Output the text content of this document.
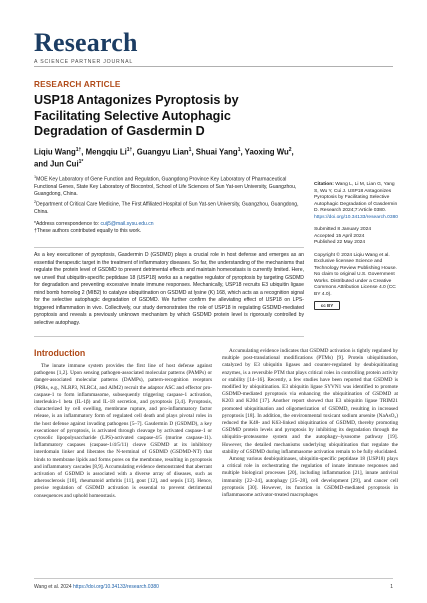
Research
A SCIENCE PARTNER JOURNAL
RESEARCH ARTICLE
USP18 Antagonizes Pyroptosis by Facilitating Selective Autophagic Degradation of Gasdermin D
Liqiu Wang$^{1\dagger}$, Mengqiu $Li^{1\dagger}$, Guangyu Lian$^1$, Shuai Yang$^1$, Yaoxing Wu$^2$, and Jun Cui$^{1*}$

$^1$MOE Key Laboratory of Gene Function and Regulation, Guangdong Province Key Laboratory of Pharmaceutical Functional Genes, State Key Laboratory of Biocontrol, School of Life Sciences of Sun Yat-sen University, Guangzhou, Guangdong, China.

$^2$Department of Critical Care Medicine, The First Affiliated Hospital of Sun Yat-sen University, Guangzhou, Guangdong, China.

*Address correspondence to: cuij5@mail.sysu.edu.cn
†These authors contributed equally to this work.
Citation: Wang L, Li M, Lian G, Yang S, Wu Y, Cui J. USP18 Antagonizes Pyroptosis by Facilitating Selective Autophagic Degradation of Gasdermin D. Research 2024;7:Article 0380. https://doi.org/10.34133/research.0380
Submitted 8 January 2024
Accepted 15 April 2024
Published 22 May 2024
Copyright © 2024 Liqiu Wang et al. Exclusive licensee Science and Technology Review Publishing House. No claim to original U.S. Government Works. Distributed under a Creative Commons Attribution License 4.0 (CC BY 4.0).
cc BY
As a key executioner of pyroptosis, Gasdermin D (GSDMD) plays a crucial role in host defense and emerges as an essential therapeutic target in the treatment of inflammatory diseases. So far, the understanding of the mechanisms that regulate the protein level of GSDMD to prevent detrimental effects and maintain homeostasis is currently limited. Here, we unveil that ubiquitin-specific peptidase 18 (USP18) works as a negative regulator of pyroptosis by targeting GSDMD for degradation and preventing excessive innate immune responses. Mechanically, USP18 recruits E3 ubiquitin ligase mind bomb homolog 2 (MIB2) to catalyze ubiquitination on GSDMD at lysine (K) 168, which acts as a recognition signal for the selective autophagic degradation of GSDMD. We further confirm the alleviating effect of USP18 on LPS-triggered inflammation in vivo. Collectively, our study demonstrates the role of USP18 in regulating GSDMD-mediated pyroptosis and reveals a previously unknown mechanism by which GSDMD protein level is rigorously controlled by selective autophagy.
Introduction

The innate immune system provides the first line of host defense against pathogens [1,2]. Upon sensing pathogen-associated molecular patterns (PAMPs) or danger-associated molecular patterns (DAMPs), pattern-recognition receptors (PRRs, e.g., NLRP3, NLRC4, and AIM2) recruit the adaptor ASC and effector pro-caspase-1 to form inflammasome, subsequently triggering caspase-1 activation, interleukin-1 beta (IL-1β) and IL-18 secretion, and pyroptosis [3,4]. Pyroptosis, characterized by cell swelling, membrane rupture, and pro-inflammatory factor release, is an inflammatory form of regulated cell death and plays pivotal roles in the host defense against invading pathogens [5–7]. Gasdermin D (GSDMD), a key executioner of pyroptosis, is activated through cleavage by activated caspase-1 or cytosolic lipopolysaccharide (LPS)-activated caspase-4/5 (murine caspase-11). Inflammatory caspases (caspase-1/4/5/11) cleave GSDMD at its inhibitory interdomain linker and liberates the N-terminal of GSDMD (GSDMD-NT) that binds to membrane lipids and forms pores on the membrane, resulting in pyroptosis and inflammatory cascades [8,9]. Accumulating evidence demonstrated that aberrant activation of GSDMD is associated with a diverse array of diseases, such as atherosclerosis [10], rheumatoid arthritis [11], gout [12], and sepsis [13]. Hence, precise regulation of GSDMD activation is essential to prevent detrimental consequences and uphold homeostasis.

Accumulating evidence indicates that GSDMD activation is tightly regulated by multiple post-translational modifications (PTMs) [9]. Protein ubiquitination, catalyzed by E3 ubiquitin ligases and counter-regulated by deubiquitinating enzymes, is a reversible PTM that plays critical roles in controlling protein activity or stability [14–16]. Recently, a few studies have been reported that GSDMD is modified by ubiquitination. E3 ubiquitin ligase SYVN1 was identified to promote GSDMD-mediated pyroptosis via enhancing the ubiquitination of GSDMD at K203 and K204 [17]. Another report showed that E3 ubiquitin ligase TRIM21 promoted ubiquitination and oligomerization of GSDMD, resulting in increased pyroptosis [18]. In addition, the environmental toxicant sodium arsenite (NaAsO₂) reduced the K48- and K63-linked ubiquitination of GSDMD, thereby promoting GSDMD protein levels and pyroptosis by inhibiting its degradation through the ubiquitin–proteasome system and the autophagy–lysosome pathway [19]. However, the detailed mechanisms underlying ubiquitination that regulate the stability of GSDMD during inflammasome activation remain to be fully elucidated.

Among various deubiquitinases, ubiquitin-specific peptidase 18 (USP18) plays a critical role in orchestrating the regulation of innate immune responses and multiple biological processes [20], including inflammation [21], innate antiviral immunity [22–24], autophagy [25–28], cell development [29], and cancer cell pyroptosis [30]. However, its function in GSDMD-mediated pyroptosis in inflammasome activator-treated macrophages

Wang et al. 2024 https://doi.org/10.34133/research.0380	1
